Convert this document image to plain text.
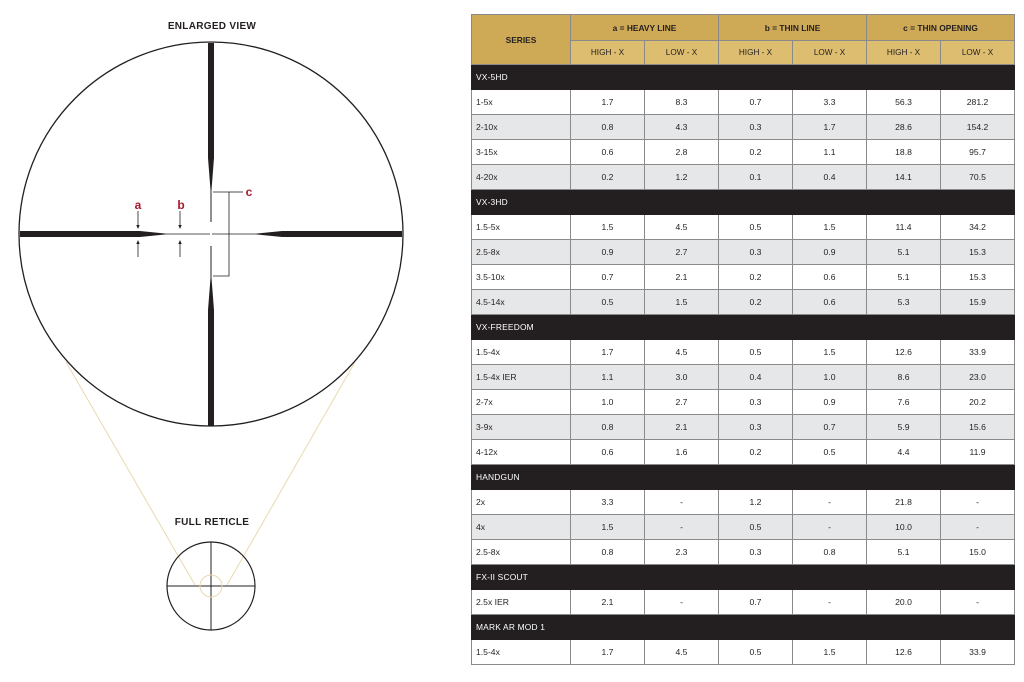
ENLARGED VIEW
FULL RETICLE
a	b
c
SERIES	a = HEAVY LINE		b = THIN LINE		c = THIN OPENING	
	HIGH - X	LOW - X	HIGH - X	LOW - X	HIGH - X	LOW - X
VX-5HD						
1-5x	1.7	8.3	0.7	3.3	56.3	281.2
2-10x	0.8	4.3	0.3	1.7	28.6	154.2
3-15x	0.6	2.8	0.2	1.1	18.8	95.7
4-20x	0.2	1.2	0.1	0.4	14.1	70.5
VX-3HD						
1.5-5x	1.5	4.5	0.5	1.5	11.4	34.2
2.5-8x	0.9	2.7	0.3	0.9	5.1	15.3
3.5-10x	0.7	2.1	0.2	0.6	5.1	15.3
4.5-14x	0.5	1.5	0.2	0.6	5.3	15.9
VX-FREEDOM						
1.5-4x	1.7	4.5	0.5	1.5	12.6	33.9
1.5-4x IER	1.1	3.0	0.4	1.0	8.6	23.0
2-7x	1.0	2.7	0.3	0.9	7.6	20.2
3-9x	0.8	2.1	0.3	0.7	5.9	15.6
4-12x	0.6	1.6	0.2	0.5	4.4	11.9
HANDGUN						
2x	3.3	-	1.2	-	21.8	-
4x	1.5	-	0.5	-	10.0	-
2.5-8x	0.8	2.3	0.3	0.8	5.1	15.0
FX-II SCOUT						
2.5x IER	2.1	-	0.7	-	20.0	-
MARK AR MOD 1						
1.5-4x	1.7	4.5	0.5	1.5	12.6	33.9
